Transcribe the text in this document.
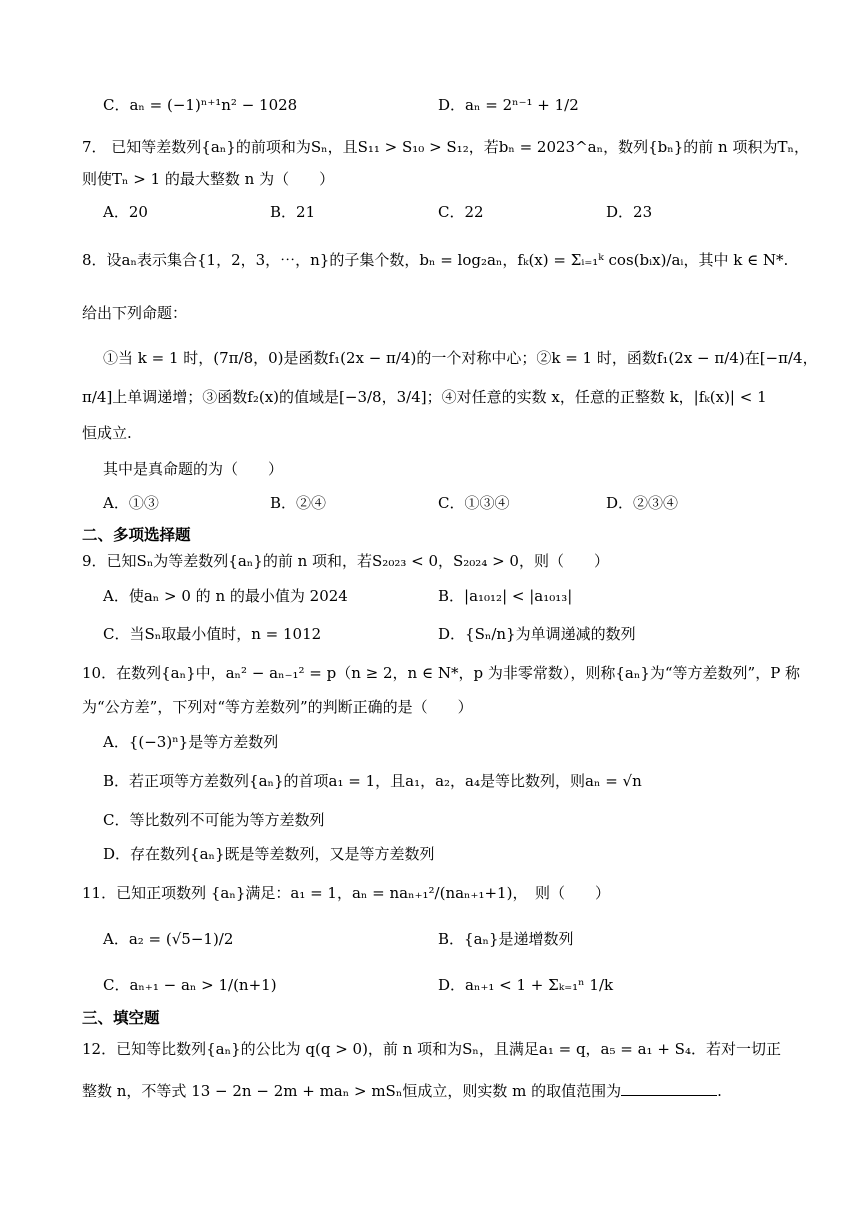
C．aₙ = (−1)ⁿ⁺¹n² − 1028	D．aₙ = 2ⁿ⁻¹ + 1/2
7． 已知等差数列{aₙ}的前项和为Sₙ，且S₁₁ > S₁₀ > S₁₂，若bₙ = 2023^aₙ，数列{bₙ}的前 n 项积为Tₙ，
则使Tₙ > 1 的最大整数 n 为（　　）
A．20	B．21	C．22	D．23
8．设aₙ表示集合{1，2，3，⋯，n}的子集个数，bₙ = log₂aₙ，fₖ(x) = Σᵢ₌₁ᵏ cos(bᵢx)/aᵢ，其中 k ∈ N*.
给出下列命题：
①当 k = 1 时，(7π/8，0)是函数f₁(2x − π/4)的一个对称中心；②k = 1 时，函数f₁(2x − π/4)在[−π/4，
π/4]上单调递增；③函数f₂(x)的值域是[−3/8，3/4]；④对任意的实数 x，任意的正整数 k，|fₖ(x)| < 1
恒成立.
其中是真命题的为（　　）
A．①③	B．②④	C．①③④	D．②③④
二、多项选择题
9．已知Sₙ为等差数列{aₙ}的前 n 项和，若S₂₀₂₃ < 0，S₂₀₂₄ > 0，则（　　）
A．使aₙ > 0 的 n 的最小值为 2024	B．|a₁₀₁₂| < |a₁₀₁₃|
C．当Sₙ取最小值时，n = 1012	D．{Sₙ/n}为单调递减的数列
10．在数列{aₙ}中，aₙ² − aₙ₋₁² = p（n ≥ 2，n ∈ N*，p 为非零常数），则称{aₙ}为“等方差数列”，P 称
为“公方差”，下列对“等方差数列”的判断正确的是（　　）
A．{(−3)ⁿ}是等方差数列
B．若正项等方差数列{aₙ}的首项a₁ = 1，且a₁，a₂，a₄是等比数列，则aₙ = √n
C．等比数列不可能为等方差数列
D．存在数列{aₙ}既是等差数列，又是等方差数列
11．已知正项数列 {aₙ}满足：a₁ = 1，aₙ = naₙ₊₁²/(naₙ₊₁+1)，　则（　　）
A．a₂ = (√5−1)/2	B．{aₙ}是递增数列
C．aₙ₊₁ − aₙ > 1/(n+1)	D．aₙ₊₁ < 1 + Σₖ₌₁ⁿ 1/k
三、填空题
12．已知等比数列{aₙ}的公比为 q(q > 0)，前 n 项和为Sₙ，且满足a₁ = q，a₅ = a₁ + S₄．若对一切正
整数 n，不等式 13 − 2n − 2m + maₙ > mSₙ恒成立，则实数 m 的取值范围为	.
